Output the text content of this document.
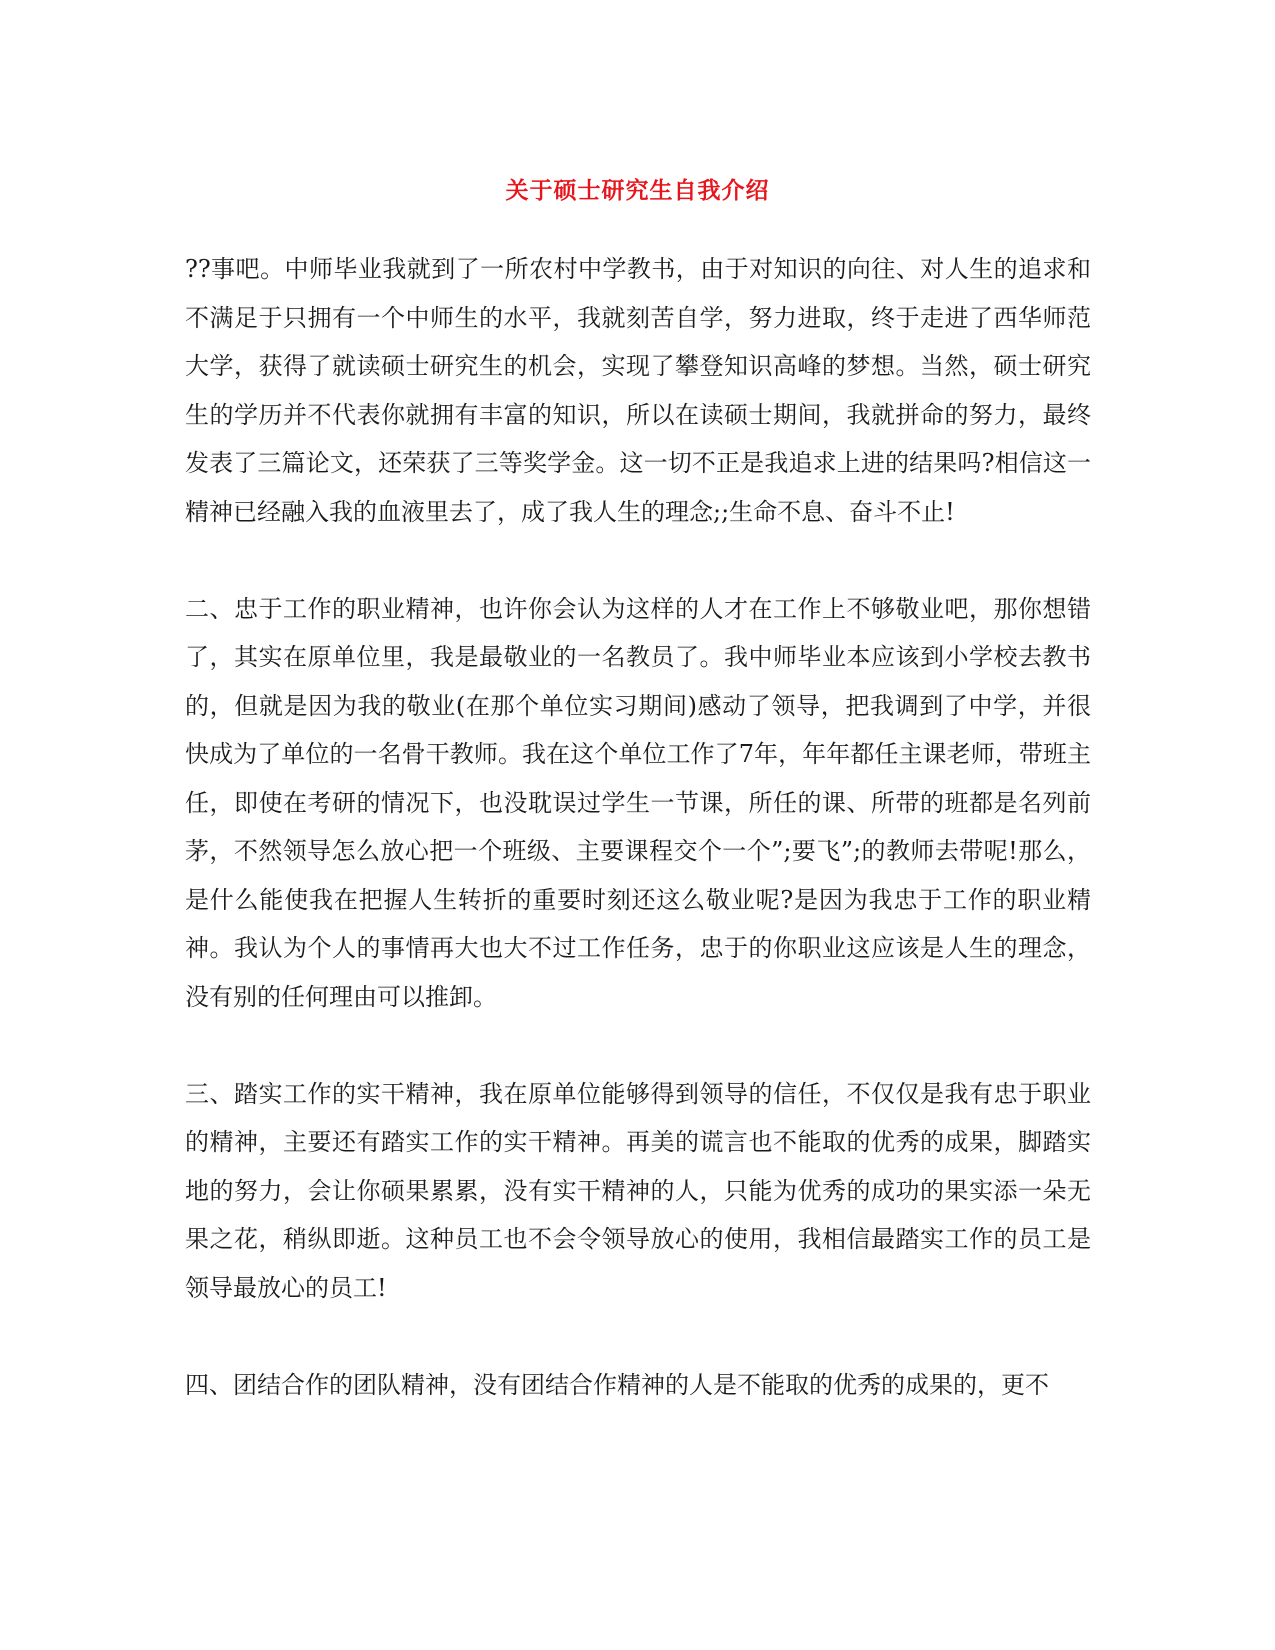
关于硕士研究生自我介绍

??事吧。中师毕业我就到了一所农村中学教书，由于对知识的向往、对人生的追求和不满足于只拥有一个中师生的水平，我就刻苦自学，努力进取，终于走进了西华师范大学，获得了就读硕士研究生的机会，实现了攀登知识高峰的梦想。当然，硕士研究生的学历并不代表你就拥有丰富的知识，所以在读硕士期间，我就拼命的努力，最终发表了三篇论文，还荣获了三等奖学金。这一切不正是我追求上进的结果吗?相信这一精神已经融入我的血液里去了，成了我人生的理念;;生命不息、奋斗不止!

二、忠于工作的职业精神，也许你会认为这样的人才在工作上不够敬业吧，那你想错了，其实在原单位里，我是最敬业的一名教员了。我中师毕业本应该到小学校去教书的，但就是因为我的敬业(在那个单位实习期间)感动了领导，把我调到了中学，并很快成为了单位的一名骨干教师。我在这个单位工作了7年，年年都任主课老师，带班主任，即使在考研的情况下，也没耽误过学生一节课，所任的课、所带的班都是名列前茅，不然领导怎么放心把一个班级、主要课程交个一个”;要飞”;的教师去带呢!那么，是什么能使我在把握人生转折的重要时刻还这么敬业呢?是因为我忠于工作的职业精神。我认为个人的事情再大也大不过工作任务，忠于的你职业这应该是人生的理念，没有别的任何理由可以推卸。

三、踏实工作的实干精神，我在原单位能够得到领导的信任，不仅仅是我有忠于职业的精神，主要还有踏实工作的实干精神。再美的谎言也不能取的优秀的成果，脚踏实地的努力，会让你硕果累累，没有实干精神的人，只能为优秀的成功的果实添一朵无果之花，稍纵即逝。这种员工也不会令领导放心的使用，我相信最踏实工作的员工是领导最放心的员工!

四、团结合作的团队精神，没有团结合作精神的人是不能取的优秀的成果的，更不
